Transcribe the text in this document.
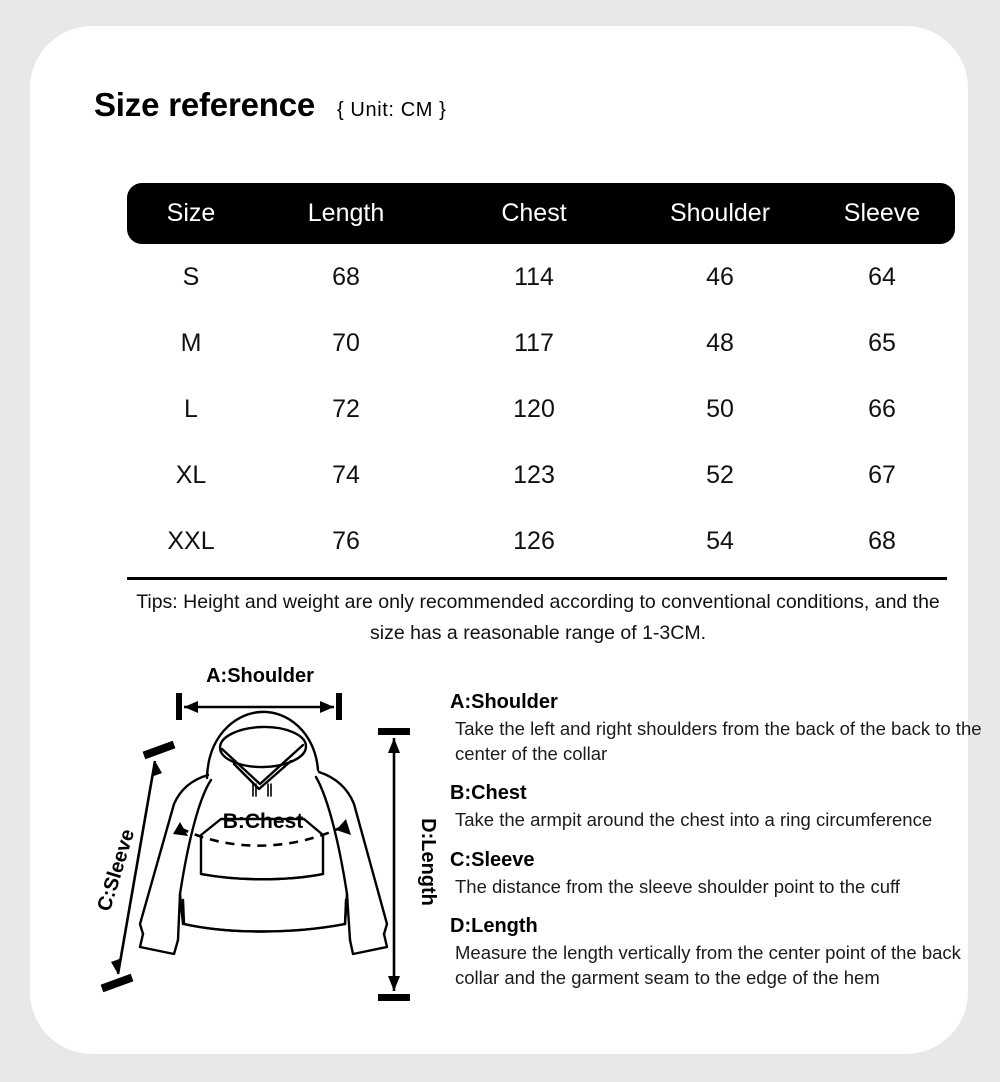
Size reference { Unit: CM }
Size	Length	Chest	Shoulder	Sleeve
S	68	114	46	64
M	70	117	48	65
L	72	120	50	66
XL	74	123	52	67
XXL	76	126	54	68
Tips: Height and weight are only recommended according to conventional conditions, and the size has a reasonable range of 1-3CM.
A:Shoulder
B:Chest
C:Sleeve	D:Length
A:Shoulder
Take the left and right shoulders from the back of the back to the center of the collar
B:Chest
Take the armpit around the chest into a ring circumference
C:Sleeve
The distance from the sleeve shoulder point to the cuff
D:Length
Measure the length vertically from the center point of the back collar and the garment seam to the edge of the hem
